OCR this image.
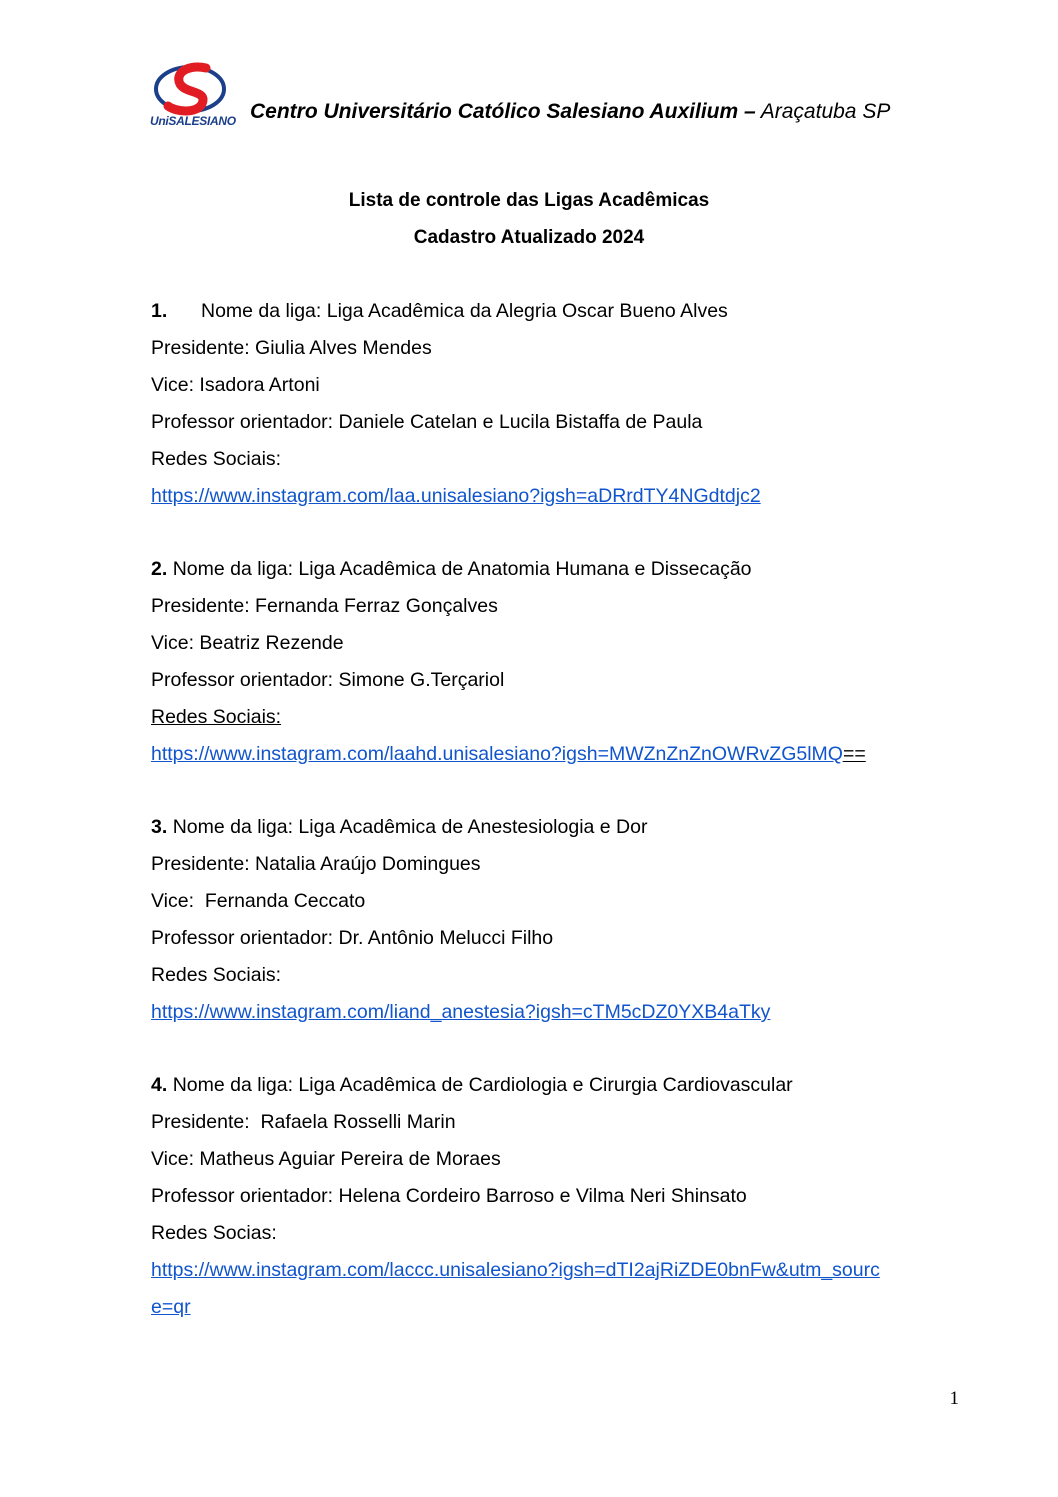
UniSALESIANO Centro Universitário Católico Salesiano Auxilium – Araçatuba SP
Lista de controle das Ligas Acadêmicas
Cadastro Atualizado 2024
1. Nome da liga: Liga Acadêmica da Alegria Oscar Bueno Alves
Presidente: Giulia Alves Mendes
Vice: Isadora Artoni
Professor orientador: Daniele Catelan e Lucila Bistaffa de Paula
Redes Sociais:
https://www.instagram.com/laa.unisalesiano?igsh=aDRrdTY4NGdtdjc2
2. Nome da liga: Liga Acadêmica de Anatomia Humana e Dissecação
Presidente: Fernanda Ferraz Gonçalves
Vice: Beatriz Rezende
Professor orientador: Simone G.Terçariol
Redes Sociais:
https://www.instagram.com/laahd.unisalesiano?igsh=MWZnZnZnOWRvZG5lMQ==
3. Nome da liga: Liga Acadêmica de Anestesiologia e Dor
Presidente: Natalia Araújo Domingues
Vice:  Fernanda Ceccato
Professor orientador: Dr. Antônio Melucci Filho
Redes Sociais:
https://www.instagram.com/liand_anestesia?igsh=cTM5cDZ0YXB4aTky
4. Nome da liga: Liga Acadêmica de Cardiologia e Cirurgia Cardiovascular
Presidente:  Rafaela Rosselli Marin
Vice: Matheus Aguiar Pereira de Moraes
Professor orientador: Helena Cordeiro Barroso e Vilma Neri Shinsato
Redes Socias:
https://www.instagram.com/laccc.unisalesiano?igsh=dTI2ajRiZDE0bnFw&utm_sourc
e=qr
1
